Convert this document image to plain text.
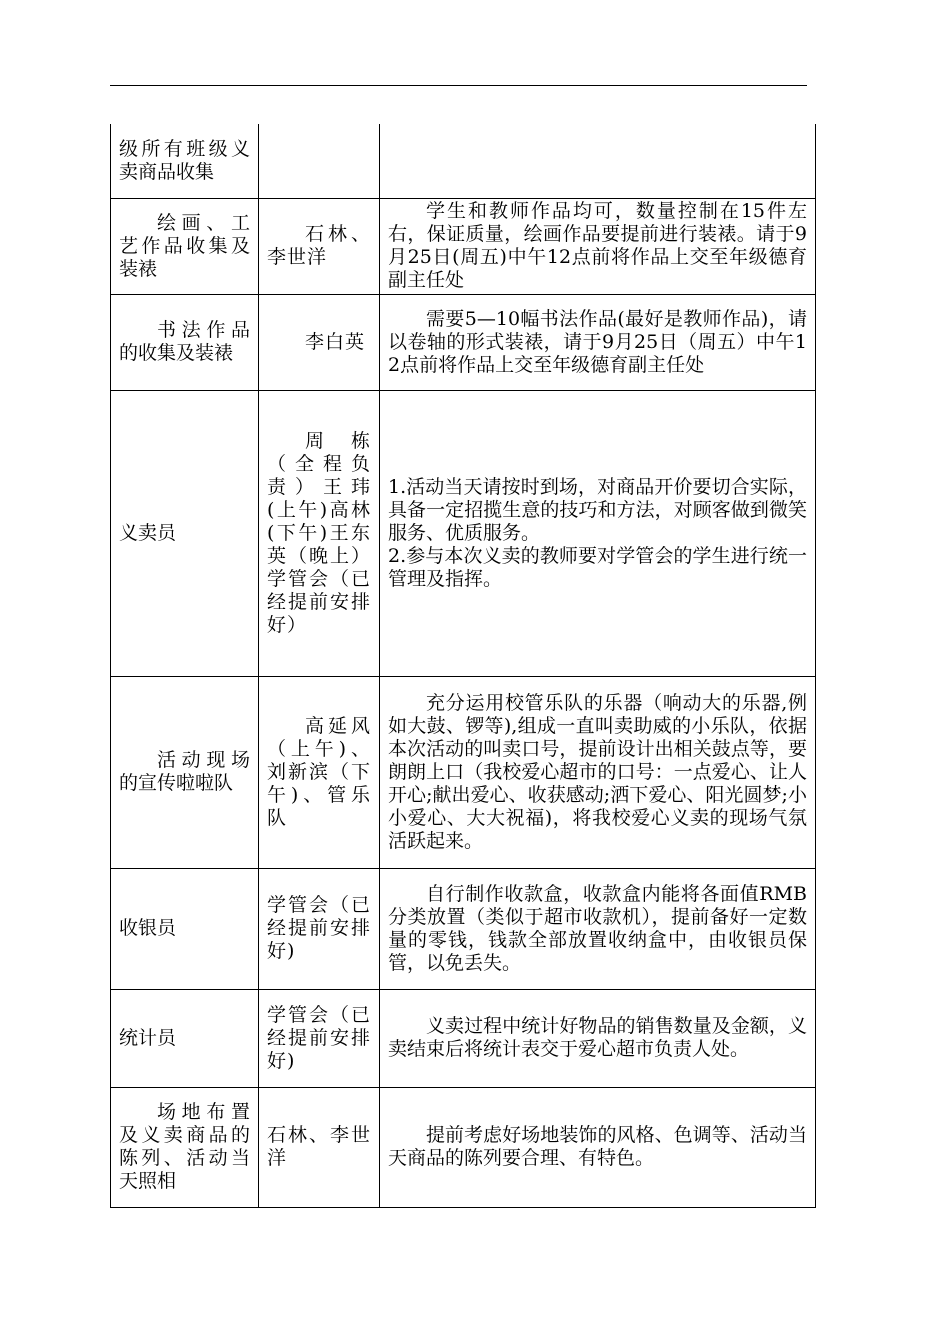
级所有班级义卖商品收集		
绘画、工艺作品收集及装裱	石林、李世洋	学生和教师作品均可，数量控制在15件左右，保证质量，绘画作品要提前进行装裱。请于9月25日(周五)中午12点前将作品上交至年级德育副主任处
书法作品的收集及装裱	李白英	需要5—10幅书法作品(最好是教师作品)，请以卷轴的形式装裱，请于9月25日（周五）中午12点前将作品上交至年级德育副主任处
义卖员	周栋（全程负责）王玮(上午)高林(下午)王东英（晚上）学管会（已经提前安排好）	1.活动当天请按时到场，对商品开价要切合实际，具备一定招揽生意的技巧和方法，对顾客做到微笑服务、优质服务。
2.参与本次义卖的教师要对学管会的学生进行统一管理及指挥。

活动现场的宣传啦啦队	高延风（上午)、刘新滨（下午)、管乐队	充分运用校管乐队的乐器（响动大的乐器,例如大鼓、锣等),组成一直叫卖助威的小乐队，依据本次活动的叫卖口号，提前设计出相关鼓点等，要朗朗上口（我校爱心超市的口号：一点爱心、让人开心;献出爱心、收获感动;洒下爱心、阳光圆梦;小小爱心、大大祝福)，将我校爱心义卖的现场气氛活跃起来。
收银员	学管会（已经提前安排好)	自行制作收款盒，收款盒内能将各面值RMB分类放置（类似于超市收款机），提前备好一定数量的零钱，钱款全部放置收纳盒中，由收银员保管，以免丢失。
统计员	学管会（已经提前安排好)	义卖过程中统计好物品的销售数量及金额，义卖结束后将统计表交于爱心超市负责人处。
场地布置及义卖商品的陈列、活动当天照相	石林、李世洋	提前考虑好场地装饰的风格、色调等、活动当天商品的陈列要合理、有特色。
